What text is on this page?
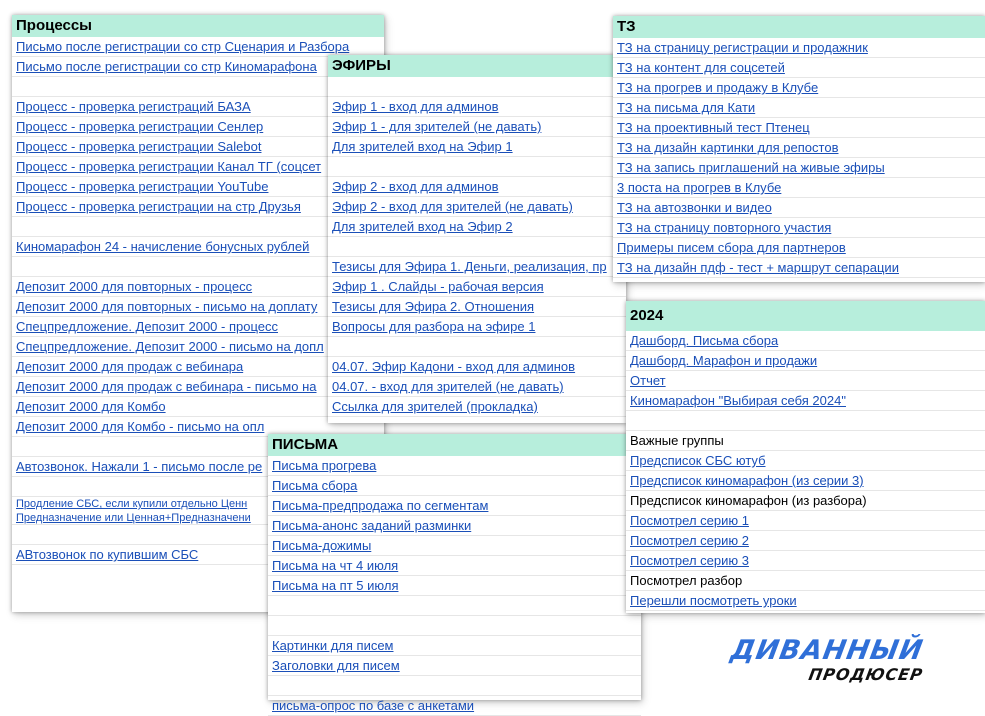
Процессы
Письмо после регистрации со стр Сценария и Разбора
Письмо после регистрации со стр Киномарафона
Процесс - проверка регистраций БАЗА
Процесс - проверка регистрации Сенлер
Процесс - проверка регистрации Salebot
Процесс - проверка регистрации Канал ТГ (соцсет
Процесс - проверка регистрации YouTube
Процесс - проверка регистрации на стр Друзья
Киномарафон 24 - начисление бонусных рублей
Депозит 2000 для повторных - процесс
Депозит 2000 для повторных - письмо на доплату
Спецпредложение. Депозит 2000 - процесс
Спецпредложение. Депозит 2000 - письмо на допл
Депозит 2000 для продаж с вебинара
Депозит 2000 для продаж с вебинара - письмо на
Депозит 2000 для Комбо
Депозит 2000 для Комбо - письмо на опл
Автозвонок. Нажали 1 - письмо после ре
Продление СБС, если купили отдельно Ценн
Предназначение или Ценная+Предназначени
АВтозвонок по купившим СБС
ЭФИРЫ
Эфир 1 - вход для админов
Эфир 1 - для зрителей (не давать)
Для зрителей вход на Эфир 1
Эфир 2 - вход для админов
Эфир 2 - вход для зрителей (не давать)
Для зрителей вход на Эфир 2
Тезисы для Эфира 1. Деньги, реализация, пр
Эфир 1 . Слайды - рабочая версия
Тезисы для Эфира 2. Отношения
Вопросы для разбора на эфире 1
04.07. Эфир Кадони - вход для админов
04.07. - вход для зрителей (не давать)
Ссылка для зрителей (прокладка)
ТЗ
ТЗ на страницу регистрации и продажник
ТЗ на контент для соцсетей
ТЗ на прогрев и продажу в Клубе
ТЗ на письма для Кати
ТЗ на проективный тест Птенец
ТЗ на дизайн картинки для репостов
ТЗ на запись приглашений на живые эфиры
3 поста на прогрев в Клубе
ТЗ на автозвонки и видео
ТЗ на страницу повторного участия
Примеры писем сбора для партнеров
ТЗ на дизайн пдф - тест + маршрут сепарации
ПИСЬМА
Письма прогрева
Письма сбора
Письма-предпродажа по сегментам
Письма-анонс заданий разминки
Письма-дожимы
Письма на чт 4 июля
Письма на пт 5 июля
Картинки для писем
Заголовки для писем
письма-опрос по базе с анкетами
2024
Дашборд. Письма сбора
Дашборд. Марафон и продажи
Отчет
Киномарафон "Выбирая себя 2024"
Важные группы
Предсписок СБС ютуб
Предсписок киномарафон (из серии 3)
Предсписок киномарафон (из разбора)
Посмотрел серию 1
Посмотрел серию 2
Посмотрел серию 3
Посмотрел разбор
Перешли посмотреть уроки
ДИВАННЫЙ
ПРОДЮСЕР
